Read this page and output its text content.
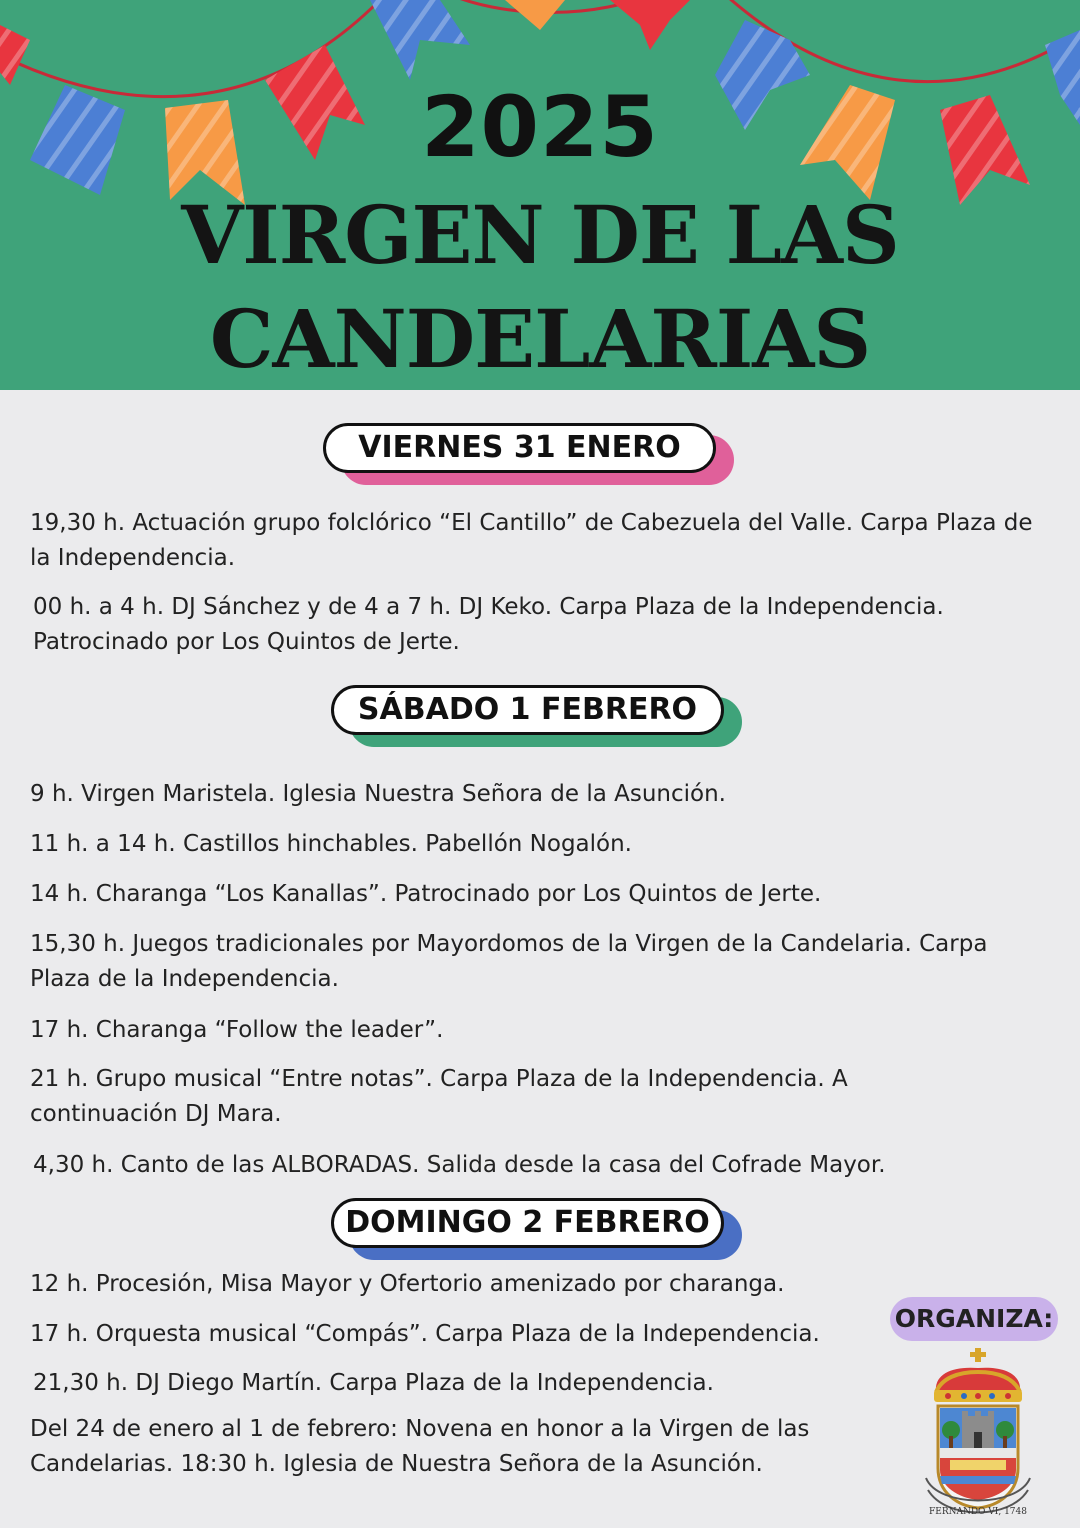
2025
VIRGEN DE LAS
CANDELARIAS
VIERNES 31 ENERO

19,30 h. Actuación grupo folclórico “El Cantillo” de Cabezuela del Valle. Carpa Plaza de la Independencia.

00 h. a 4 h. DJ Sánchez y de 4 a 7 h. DJ Keko. Carpa Plaza de la Independencia. Patrocinado por Los Quintos de Jerte.

SÁBADO 1 FEBRERO

9 h. Virgen Maristela. Iglesia Nuestra Señora de la Asunción.

11 h. a 14 h. Castillos hinchables. Pabellón Nogalón.

14 h. Charanga “Los Kanallas”. Patrocinado por Los Quintos de Jerte.

15,30 h. Juegos tradicionales por Mayordomos de la Virgen de la Candelaria. Carpa Plaza de la Independencia.

17 h. Charanga “Follow the leader”.

21 h. Grupo musical “Entre notas”. Carpa Plaza de la Independencia. A continuación DJ Mara.

4,30 h. Canto de las ALBORADAS. Salida desde la casa del Cofrade Mayor.

DOMINGO 2 FEBRERO

12 h. Procesión, Misa Mayor y Ofertorio amenizado por charanga.

17 h. Orquesta musical “Compás”. Carpa Plaza de la Independencia.

21,30 h. DJ Diego Martín. Carpa Plaza de la Independencia.

Del 24 de enero al 1 de febrero: Novena en honor a la Virgen de las Candelarias. 18:30 h. Iglesia de Nuestra Señora de la Asunción.

ORGANIZA:
FERNANDO VI, 1748
